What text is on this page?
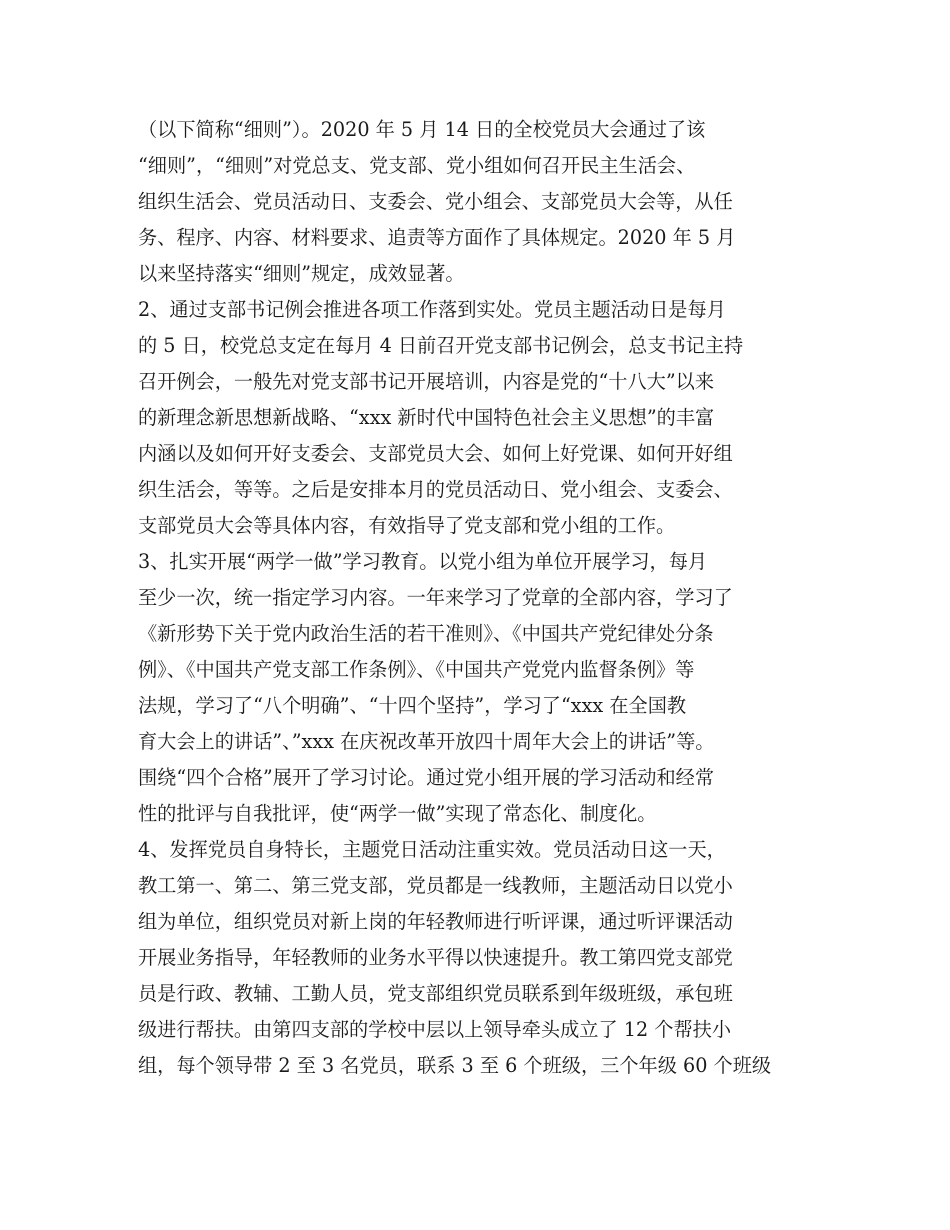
（以下简称“细则”）。2020 年 5 月 14 日的全校党员大会通过了该
“细则”，“细则”对党总支、党支部、党小组如何召开民主生活会、
组织生活会、党员活动日、支委会、党小组会、支部党员大会等，从任
务、程序、内容、材料要求、追责等方面作了具体规定。2020 年 5 月
以来坚持落实“细则”规定，成效显著。
2、通过支部书记例会推进各项工作落到实处。党员主题活动日是每月
的 5 日，校党总支定在每月 4 日前召开党支部书记例会，总支书记主持
召开例会，一般先对党支部书记开展培训，内容是党的“十八大”以来
的新理念新思想新战略、“xxx 新时代中国特色社会主义思想”的丰富
内涵以及如何开好支委会、支部党员大会、如何上好党课、如何开好组
织生活会，等等。之后是安排本月的党员活动日、党小组会、支委会、
支部党员大会等具体内容，有效指导了党支部和党小组的工作。
3、扎实开展“两学一做”学习教育。以党小组为单位开展学习，每月
至少一次，统一指定学习内容。一年来学习了党章的全部内容，学习了
《新形势下关于党内政治生活的若干准则》、《中国共产党纪律处分条
例》、《中国共产党支部工作条例》、《中国共产党党内监督条例》等
法规，学习了“八个明确”、“十四个坚持”，学习了“xxx 在全国教
育大会上的讲话”、”xxx 在庆祝改革开放四十周年大会上的讲话”等。
围绕“四个合格”展开了学习讨论。通过党小组开展的学习活动和经常
性的批评与自我批评，使“两学一做”实现了常态化、制度化。
4、发挥党员自身特长，主题党日活动注重实效。党员活动日这一天，
教工第一、第二、第三党支部，党员都是一线教师，主题活动日以党小
组为单位，组织党员对新上岗的年轻教师进行听评课，通过听评课活动
开展业务指导，年轻教师的业务水平得以快速提升。教工第四党支部党
员是行政、教辅、工勤人员，党支部组织党员联系到年级班级，承包班
级进行帮扶。由第四支部的学校中层以上领导牵头成立了 12 个帮扶小
组，每个领导带 2 至 3 名党员，联系 3 至 6 个班级，三个年级 60 个班级
